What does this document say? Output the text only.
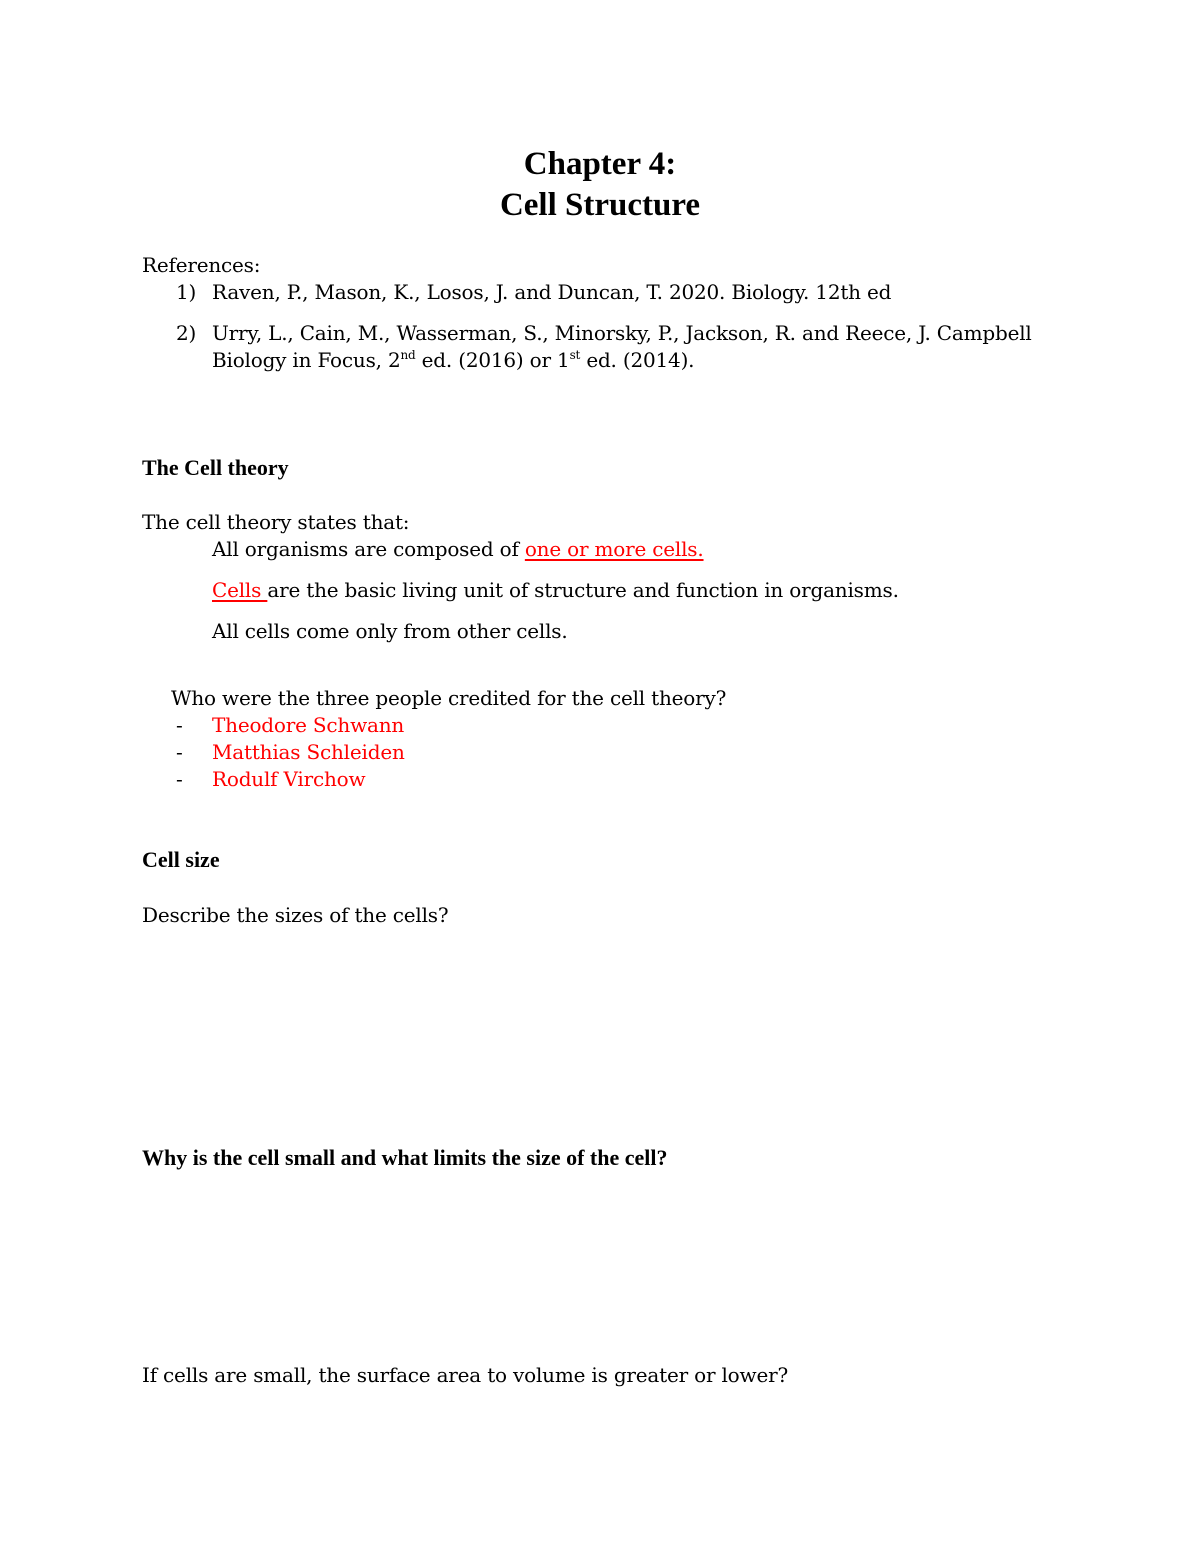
Chapter 4:
Cell Structure
References:
1) Raven, P., Mason, K., Losos, J. and Duncan, T. 2020. Biology. 12th ed
2) Urry, L., Cain, M., Wasserman, S., Minorsky, P., Jackson, R. and Reece, J. Campbell
Biology in Focus, 2nd ed. (2016) or 1st ed. (2014).
The Cell theory
The cell theory states that:
All organisms are composed of one or more cells.
Cells are the basic living unit of structure and function in organisms.
All cells come only from other cells.
Who were the three people credited for the cell theory?
- Theodore Schwann
- Matthias Schleiden
- Rodulf Virchow
Cell size
Describe the sizes of the cells?
Why is the cell small and what limits the size of the cell?
If cells are small, the surface area to volume is greater or lower?
